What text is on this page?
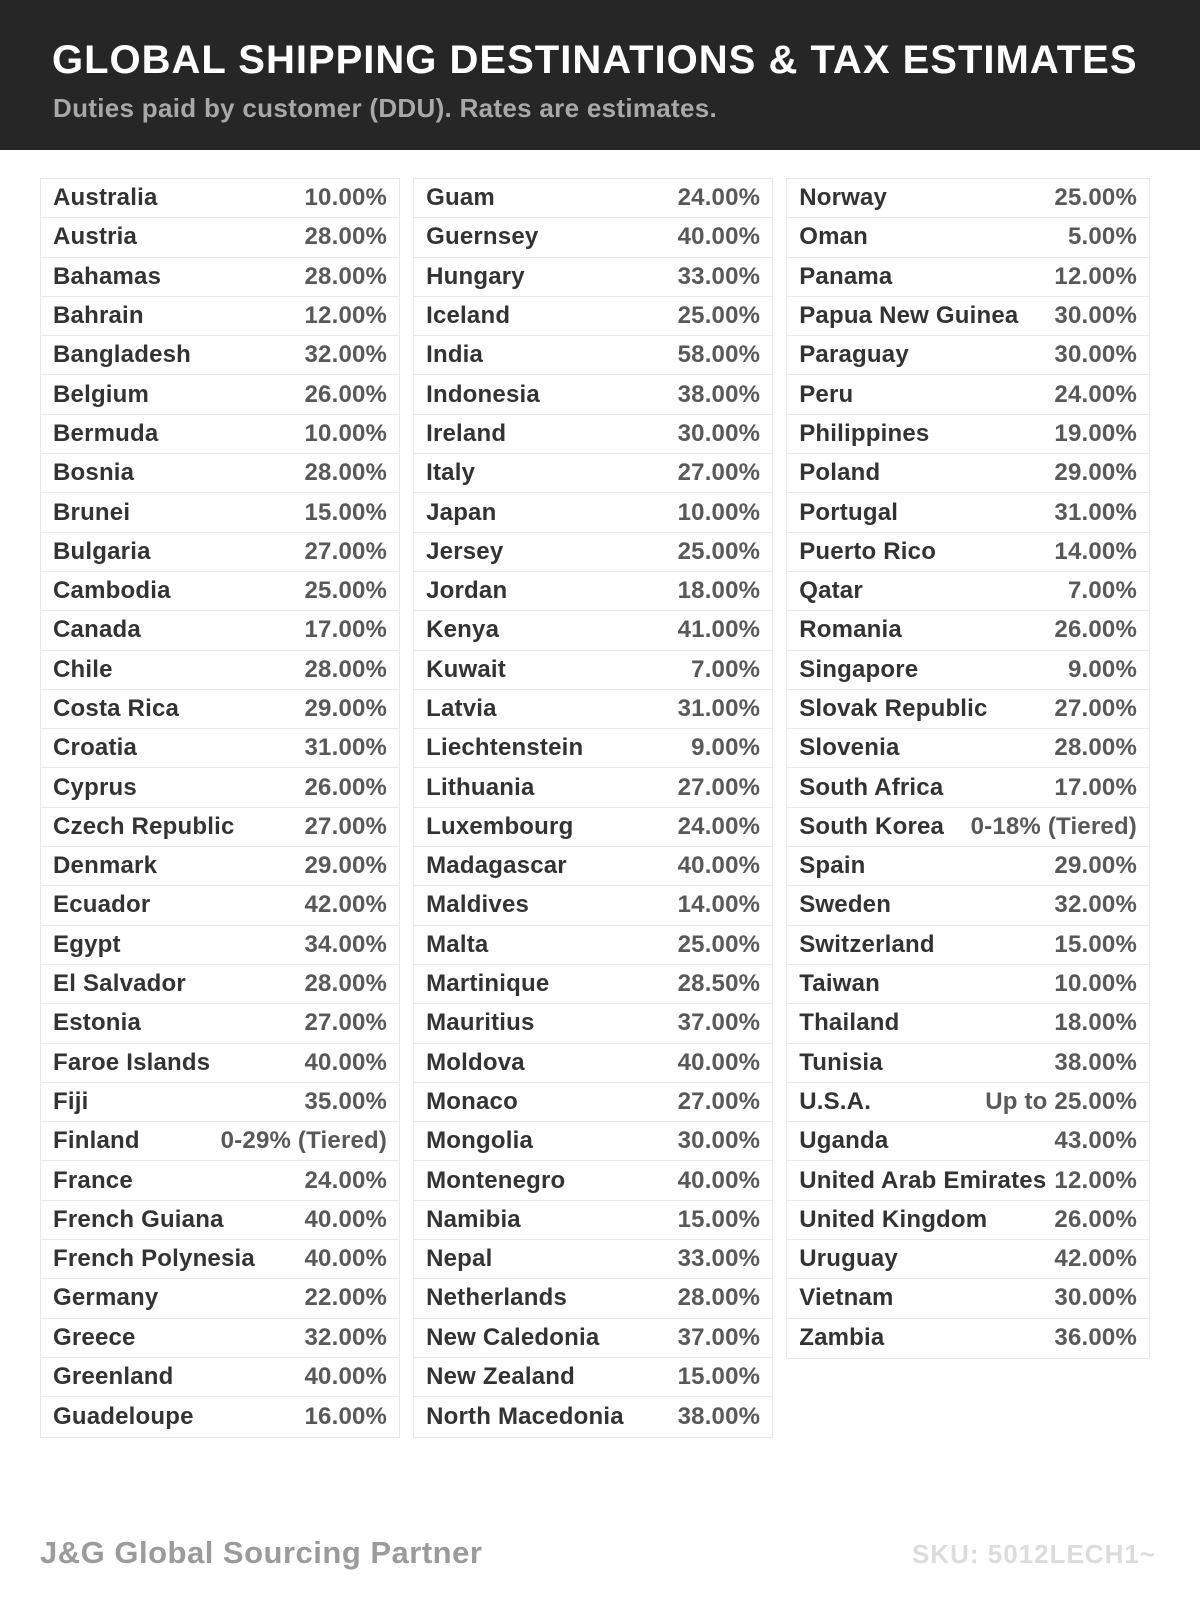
GLOBAL SHIPPING DESTINATIONS & TAX ESTIMATES
Duties paid by customer (DDU). Rates are estimates.
Australia	10.00%
Austria	28.00%
Bahamas	28.00%
Bahrain	12.00%
Bangladesh	32.00%
Belgium	26.00%
Bermuda	10.00%
Bosnia	28.00%
Brunei	15.00%
Bulgaria	27.00%
Cambodia	25.00%
Canada	17.00%
Chile	28.00%
Costa Rica	29.00%
Croatia	31.00%
Cyprus	26.00%
Czech Republic	27.00%
Denmark	29.00%
Ecuador	42.00%
Egypt	34.00%
El Salvador	28.00%
Estonia	27.00%
Faroe Islands	40.00%
Fiji	35.00%
Finland	0-29% (Tiered)
France	24.00%
French Guiana	40.00%
French Polynesia 40.00%
Germany	22.00%
Greece	32.00%
Greenland	40.00%
Guadeloupe	16.00%
Guam	24.00%
Guernsey	40.00%
Hungary	33.00%
Iceland	25.00%
India	58.00%
Indonesia	38.00%
Ireland	30.00%
Italy	27.00%
Japan	10.00%
Jersey	25.00%
Jordan	18.00%
Kenya	41.00%
Kuwait	7.00%
Latvia	31.00%
Liechtenstein	9.00%
Lithuania	27.00%
Luxembourg	24.00%
Madagascar	40.00%
Maldives	14.00%
Malta	25.00%
Martinique	28.50%
Mauritius	37.00%
Moldova	40.00%
Monaco	27.00%
Mongolia	30.00%
Montenegro	40.00%
Namibia	15.00%
Nepal	33.00%
Netherlands	28.00%
New Caledonia	37.00%
New Zealand	15.00%
North Macedonia 38.00%
Norway	25.00%
Oman	5.00%
Panama	12.00%
Papua New Guinea 30.00%
Paraguay	30.00%
Peru	24.00%
Philippines	19.00%
Poland	29.00%
Portugal	31.00%
Puerto Rico	14.00%
Qatar	7.00%
Romania	26.00%
Singapore	9.00%
Slovak Republic	27.00%
Slovenia	28.00%
South Africa	17.00%
South Korea 0-18% (Tiered)
Spain	29.00%
Sweden	32.00%
Switzerland	15.00%
Taiwan	10.00%
Thailand	18.00%
Tunisia	38.00%
U.S.A.	Up to 25.00%
Uganda	43.00%
United Arab Emirates 12.00%
United Kingdom	26.00%
Uruguay	42.00%
Vietnam	30.00%
Zambia	36.00%
J&G Global Sourcing Partner	SKU: 5012LECH1~
